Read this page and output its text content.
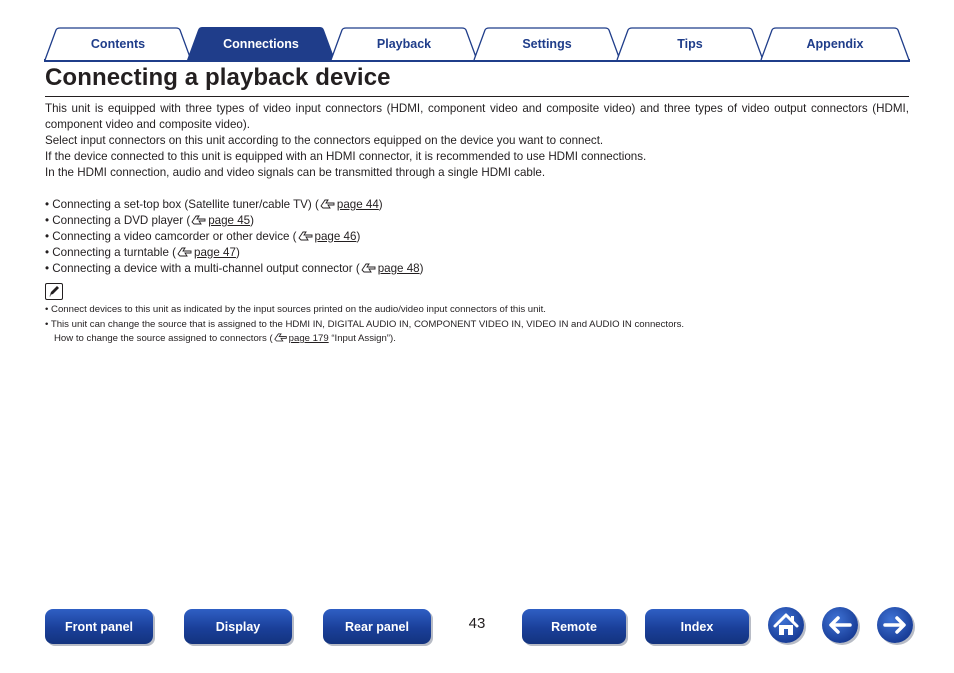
Contents	Connections	Playback	Settings	Tips	Appendix
Connecting a playback device

This unit is equipped with three types of video input connectors (HDMI, component video and composite video) and three types of video output connectors (HDMI, component video and composite video).

Select input connectors on this unit according to the connectors equipped on the device you want to connect.

If the device connected to this unit is equipped with an HDMI connector, it is recommended to use HDMI connections.

In the HDMI connection, audio and video signals can be transmitted through a single HDMI cable.

• Connecting a set-top box (Satellite tuner/cable TV) ( page 44)
• Connecting a DVD player ( page 45)
• Connecting a video camcorder or other device ( page 46)
• Connecting a turntable ( page 47)
• Connecting a device with a multi-channel output connector ( page 48)
• Connect devices to this unit as indicated by the input sources printed on the audio/video input connectors of this unit.
• This unit can change the source that is assigned to the HDMI IN, DIGITAL AUDIO IN, COMPONENT VIDEO IN, VIDEO IN and AUDIO IN connectors.
How to change the source assigned to connectors ( page 179 “Input Assign”).
Front panel	Display	Rear panel	43	Remote	Index
